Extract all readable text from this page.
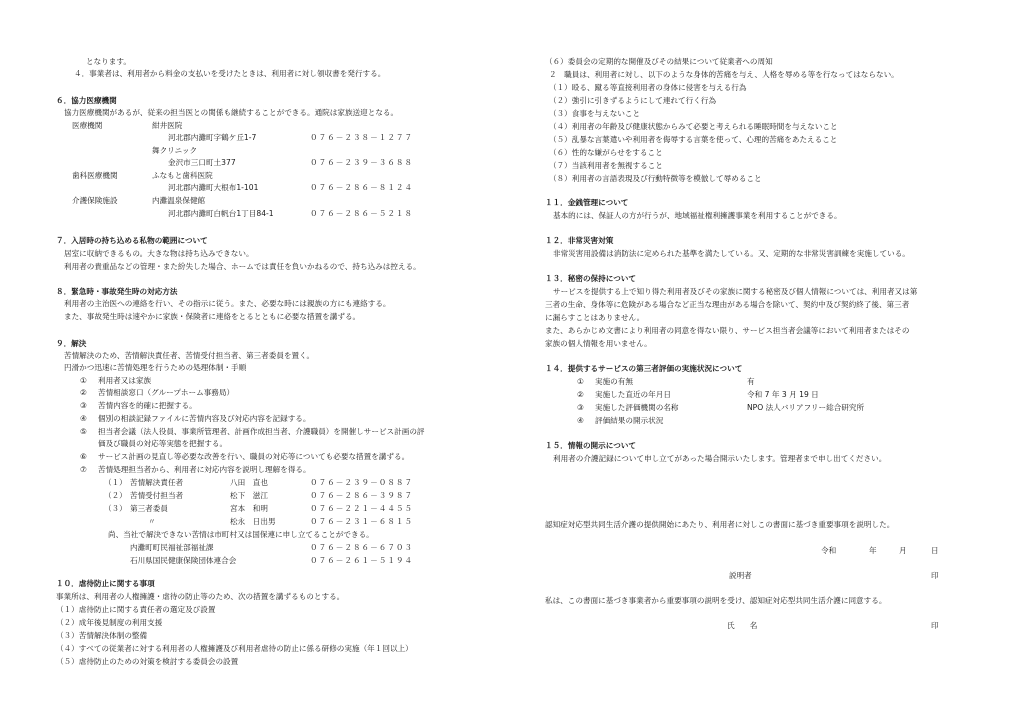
となります。
４．事業者は、利用者から料金の支払いを受けたときは、利用者に対し領収書を発行する。
６．協力医療機関
協力医療機関があるが、従来の担当医との関係も継続することができる。通院は家族送迎となる。
医療機関	紺井医院
河北郡内灘町字鶴ケ丘1-7	０７６－２３８－１２７７
舞クリニック
金沢市三口町土377	０７６－２３９－３６８８
歯科医療機関	ふなもと歯科医院
河北郡内灘町大根布1-101	０７６－２８６－８１２４
介護保険施設	内灘温泉保健館
河北郡内灘町白帆台1丁目84-1	０７６－２８６－５２１８
７．入居時の持ち込める私物の範囲について
居室に収納できるもの。大きな物は持ち込みできない。
利用者の貴重品などの管理・また紛失した場合、ホームでは責任を負いかねるので、持ち込みは控える。
８．緊急時・事故発生時の対応方法
利用者の主治医への連絡を行い、その指示に従う。また、必要な時には親族の方にも連絡する。
また、事故発生時は速やかに家族・保険者に連絡をとるとともに必要な措置を講ずる。
９．解決
苦情解決のため、苦情解決責任者、苦情受付担当者、第三者委員を置く。
円滑かつ迅速に苦情処理を行うための処理体制・手順
① 利用者又は家族
② 苦情相談窓口（グループホーム事務局）
③ 苦情内容を的確に把握する。
④ 個別の相談記録ファイルに苦情内容及び対応内容を記録する。
⑤ 担当者会議（法人役員、事業所管理者、計画作成担当者、介護職員）を開催しサービス計画の評
価及び職員の対応等実態を把握する。
⑥ サービス計画の見直し等必要な改善を行い、職員の対応等についても必要な措置を講ずる。
⑦ 苦情処理担当者から、利用者に対応内容を説明し理解を得る。
（１） 苦情解決責任者	八田　直也	０７６－２３９－０８８７
（２） 苦情受付担当者	松下　滋江	０７６－２８６－３９８７
（３） 第三者委員	宮本　和明	０７６－２２１－４４５５
〃	松永　日出男	０７６－２３１－６８１５
尚、当社で解決できない苦情は市町村又は国保連に申し立てることができる。
内灘町町民福祉部福祉課	０７６－２８６－６７０３
石川県国民健康保険団体連合会	０７６－２６１－５１９４
１０．虐待防止に関する事項
事業所は、利用者の人権擁護・虐待の防止等のため、次の措置を講ずるものとする。
（１）虐待防止に関する責任者の選定及び設置
（２）成年後見制度の利用支援
（３）苦情解決体制の整備
（４）すべての従業者に対する利用者の人権擁護及び利用者虐待の防止に係る研修の実施（年１回以上）
（５）虐待防止のための対策を検討する委員会の設置
（６）委員会の定期的な開催及びその結果について従業者への周知
２　職員は、利用者に対し、以下のような身体的苦痛を与え、人格を辱める等を行なってはならない。
（１）殴る、蹴る等直接利用者の身体に侵害を与える行為
（２）強引に引きずるようにして連れて行く行為
（３）食事を与えないこと
（４）利用者の年齢及び健康状態からみて必要と考えられる睡眠時間を与えないこと
（５）乱暴な言葉遣いや利用者を侮辱する言葉を使って、心理的苦痛をあたえること
（６）性的な嫌がらせをすること
（７）当該利用者を無視すること
（８）利用者の言語表現及び行動特徴等を模倣して辱めること
１１．金銭管理について
基本的には、保証人の方が行うが、地域福祉権利擁護事業を利用することができる。
１２．非常災害対策
非常災害用設備は消防法に定められた基準を満たしている。又、定期的な非常災害訓練を実施している。
１３．秘密の保持について
サービスを提供する上で知り得た利用者及びその家族に関する秘密及び個人情報については、利用者又は第
三者の生命、身体等に危険がある場合など正当な理由がある場合を除いて、契約中及び契約終了後、第三者
に漏らすことはありません。
また、あらかじめ文書により利用者の同意を得ない限り、サービス担当者会議等において利用者またはその
家族の個人情報を用いません。
１４．提供するサービスの第三者評価の実施状況について
① 実施の有無	有
② 実施した直近の年月日	令和 7 年 3 月 19 日
③ 実施した評価機関の名称	NPO 法人バリアフリー総合研究所
④ 評価結果の開示状況
１５．情報の開示について
利用者の介護記録について申し立てがあった場合開示いたします。管理者まで申し出てください。
認知症対応型共同生活介護の提供開始にあたり、利用者に対しこの書面に基づき重要事項を説明した。
令和	年	月	日
説明者	印
私は、この書面に基づき事業者から重要事項の説明を受け、認知症対応型共同生活介護に同意する。
氏　　名	印
